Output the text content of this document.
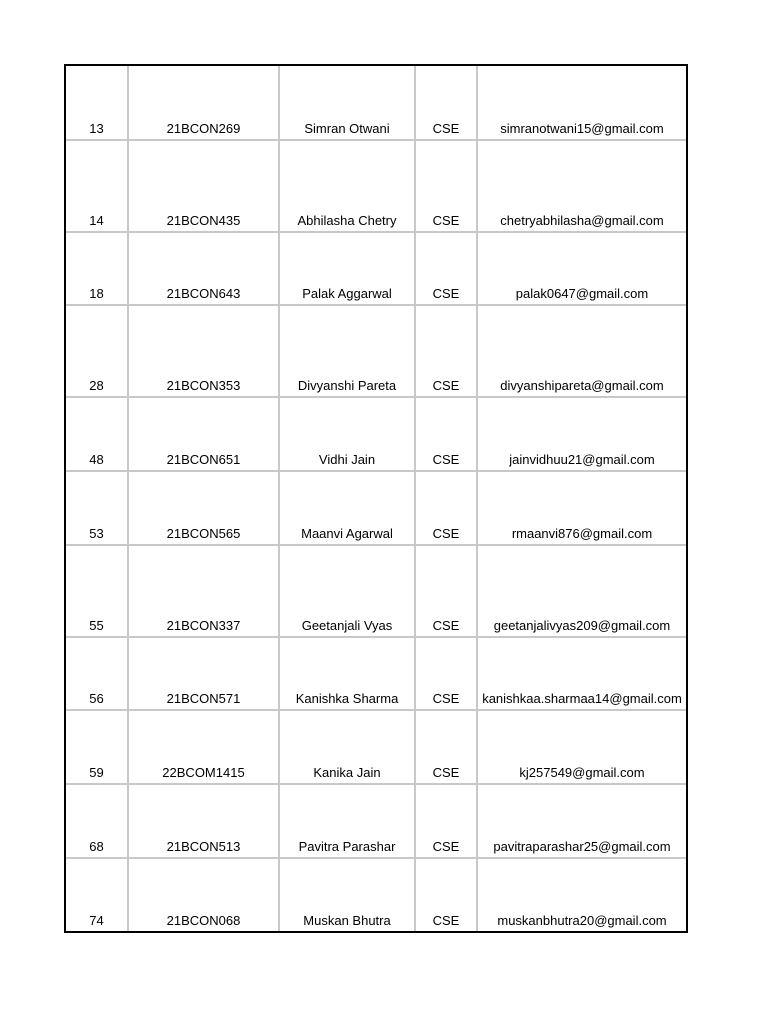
13	21BCON269	Simran Otwani	CSE	simranotwani15@gmail.com
14	21BCON435	Abhilasha Chetry	CSE	chetryabhilasha@gmail.com
18	21BCON643	Palak Aggarwal	CSE	palak0647@gmail.com
28	21BCON353	Divyanshi Pareta	CSE	divyanshipareta@gmail.com
48	21BCON651	Vidhi Jain	CSE	jainvidhuu21@gmail.com
53	21BCON565	Maanvi Agarwal	CSE	rmaanvi876@gmail.com
55	21BCON337	Geetanjali Vyas	CSE	geetanjalivyas209@gmail.com
56	21BCON571	Kanishka Sharma	CSE	kanishkaa.sharmaa14@gmail.com
59	22BCOM1415	Kanika Jain	CSE	kj257549@gmail.com
68	21BCON513	Pavitra Parashar	CSE	pavitraparashar25@gmail.com
74	21BCON068	Muskan Bhutra	CSE	muskanbhutra20@gmail.com
